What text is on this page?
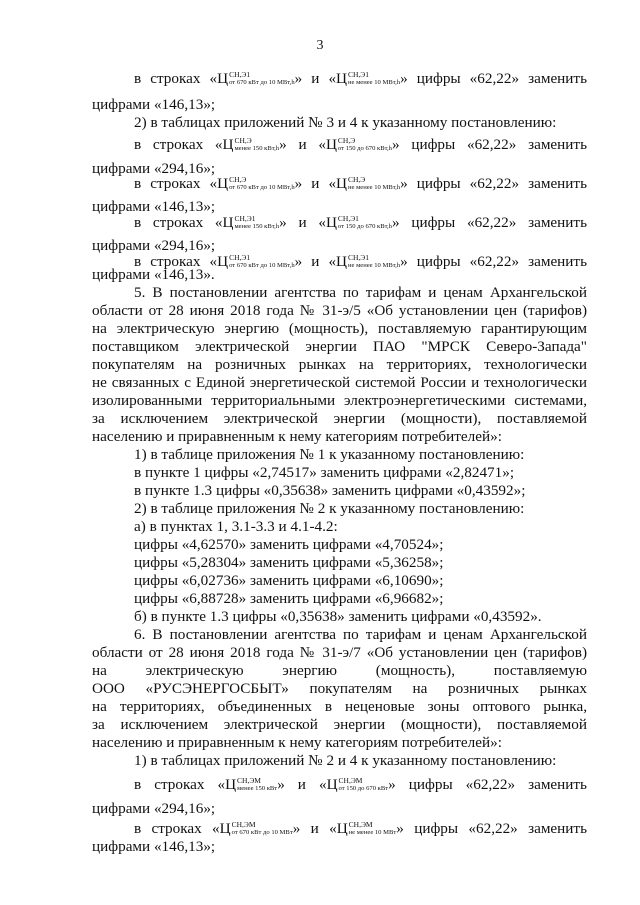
3
в строках « Ц СН,Э1
от 670 кВт до 10 МВт,h » и « Ц СН,Э1
не менее 10 МВт,h » цифры «62,22» заменить
цифрами «146,13»;
2) в таблицах приложений № 3 и 4 к указанному постановлению:
в строках « Ц СН,Э
менее 150 кВт,h » и « Ц СН,Э
от 150 до 670 кВт,h » цифры «62,22» заменить
цифрами «294,16»;
в строках « Ц СН,Э
от 670 кВт до 10 МВт,h » и « Ц СН,Э
не менее 10 МВт,h » цифры «62,22» заменить
цифрами «146,13»;
в строках « Ц СН,Э1
менее 150 кВт,h » и « Ц СН,Э1
от 150 до 670 кВт,h » цифры «62,22» заменить
цифрами «294,16»;
в строках « Ц СН,Э1
от 670 кВт до 10 МВт,h » и « Ц СН,Э1
не менее 10 МВт,h » цифры «62,22» заменить
цифрами «146,13».
5. В постановлении агентства по тарифам и ценам Архангельской
области от 28 июня 2018 года № 31-э/5 «Об установлении цен (тарифов)
на электрическую энергию (мощность), поставляемую гарантирующим
поставщиком электрической энергии ПАО "МРСК Северо-Запада"
покупателям на розничных рынках на территориях, технологически
не связанных с Единой энергетической системой России и технологически
изолированными территориальными электроэнергетическими системами,
за исключением электрической энергии (мощности), поставляемой
населению и приравненным к нему категориям потребителей»:
1) в таблице приложения № 1 к указанному постановлению:
в пункте 1 цифры «2,74517» заменить цифрами «2,82471»;
в пункте 1.3 цифры «0,35638» заменить цифрами «0,43592»;
2) в таблице приложения № 2 к указанному постановлению:
а) в пунктах 1, 3.1-3.3 и 4.1-4.2:
цифры «4,62570» заменить цифрами «4,70524»;
цифры «5,28304» заменить цифрами «5,36258»;
цифры «6,02736» заменить цифрами «6,10690»;
цифры «6,88728» заменить цифрами «6,96682»;
б) в пункте 1.3 цифры «0,35638» заменить цифрами «0,43592».
6. В постановлении агентства по тарифам и ценам Архангельской
области от 28 июня 2018 года № 31-э/7 «Об установлении цен (тарифов)
на электрическую энергию (мощность), поставляемую
ООО «РУСЭНЕРГОСБЫТ» покупателям на розничных рынках
на территориях, объединенных в неценовые зоны оптового рынка,
за исключением электрической энергии (мощности), поставляемой
населению и приравненным к нему категориям потребителей»:
1) в таблицах приложений № 2 и 4 к указанному постановлению:
в строках « Ц СН,ЭМ
менее 150 кВт » и « Ц СН,ЭМ
от 150 до 670 кВт » цифры «62,22» заменить
цифрами «294,16»;
в строках « Ц СН,ЭМ
от 670 кВт до 10 МВт » и « Ц СН,ЭМ
не менее 10 МВт » цифры «62,22» заменить
цифрами «146,13»;
